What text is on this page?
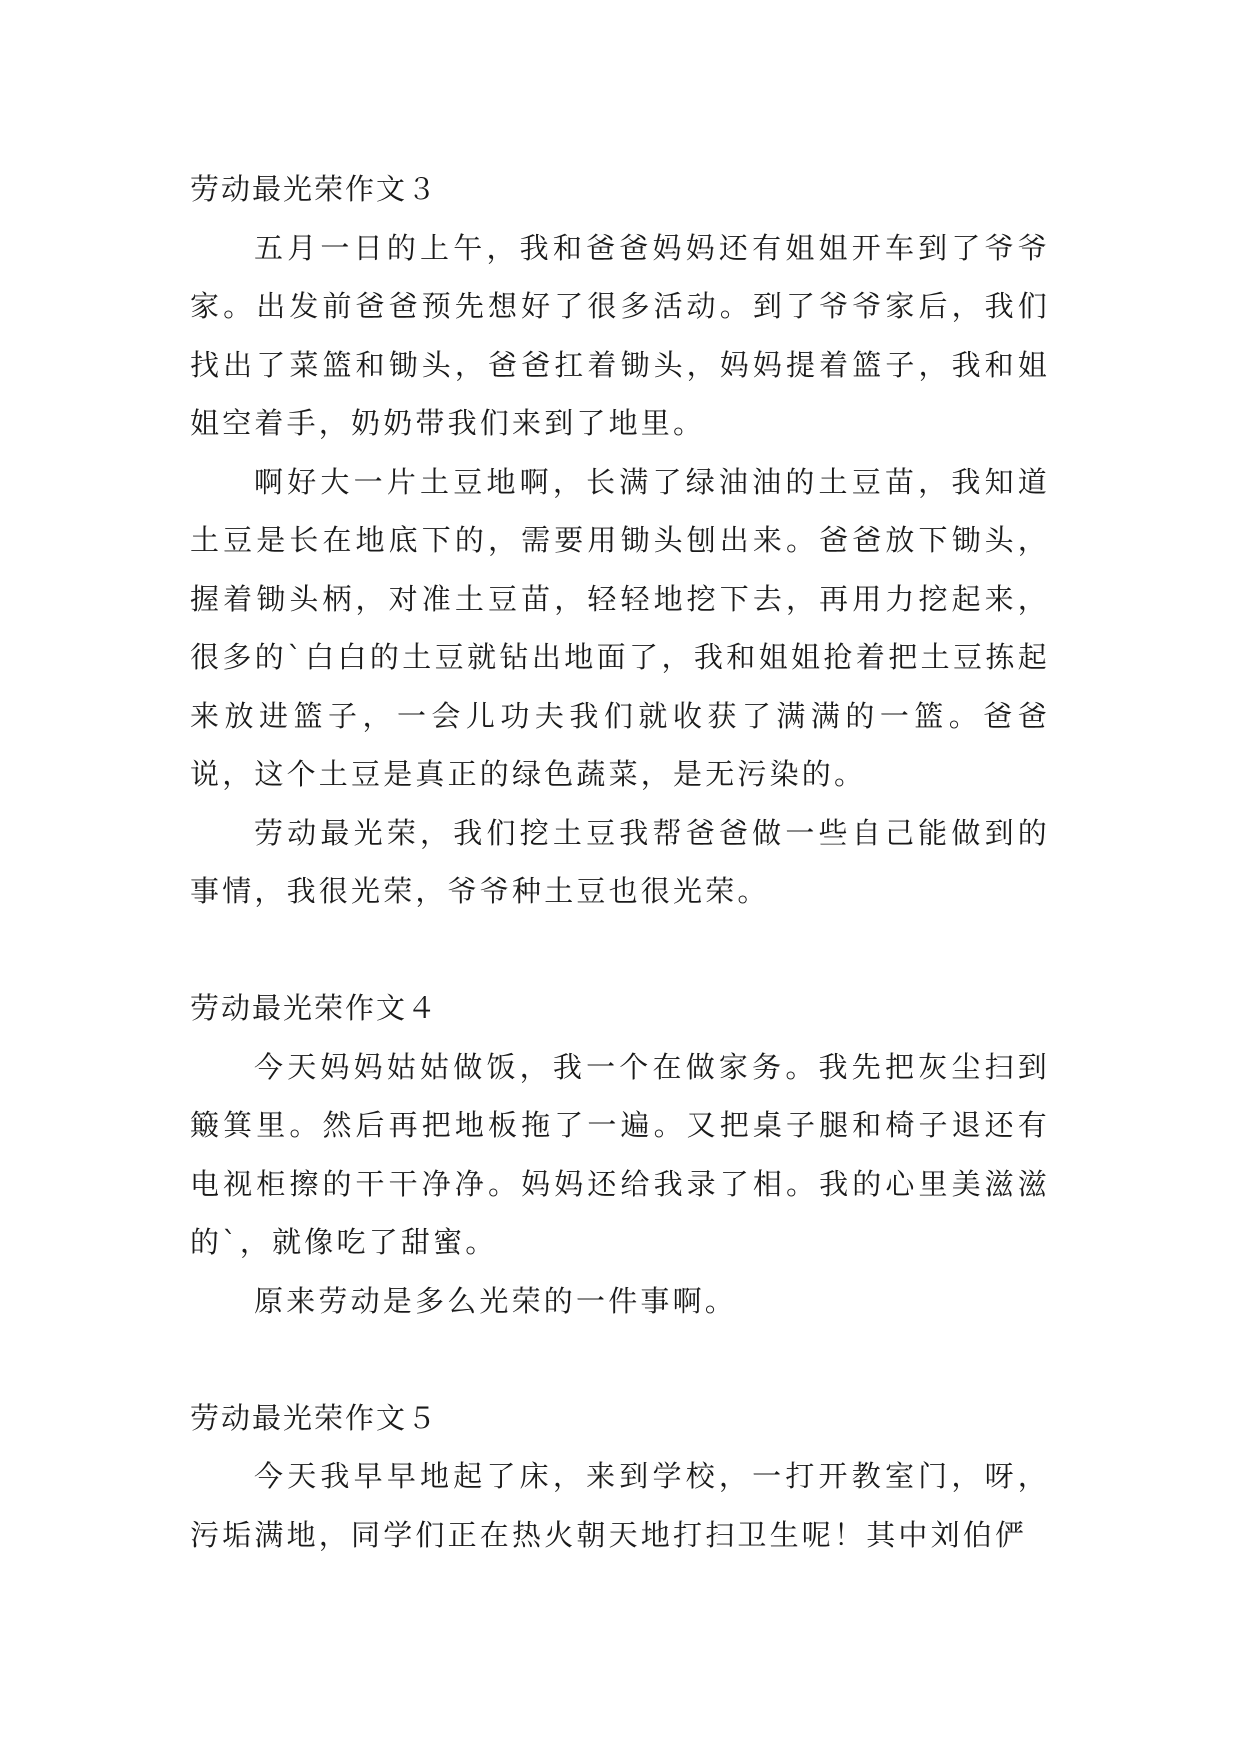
劳动最光荣作文３

五月一日的上午，我和爸爸妈妈还有姐姐开车到了爷爷家。出发前爸爸预先想好了很多活动。到了爷爷家后，我们找出了菜篮和锄头，爸爸扛着锄头，妈妈提着篮子，我和姐姐空着手，奶奶带我们来到了地里。

啊好大一片土豆地啊，长满了绿油油的土豆苗，我知道土豆是长在地底下的，需要用锄头刨出来。爸爸放下锄头，握着锄头柄，对准土豆苗，轻轻地挖下去，再用力挖起来，很多的`白白的土豆就钻出地面了，我和姐姐抢着把土豆拣起来放进篮子，一会儿功夫我们就收获了满满的一篮。爸爸说，这个土豆是真正的绿色蔬菜，是无污染的。

劳动最光荣，我们挖土豆我帮爸爸做一些自己能做到的事情，我很光荣，爷爷种土豆也很光荣。

劳动最光荣作文４

今天妈妈姑姑做饭，我一个在做家务。我先把灰尘扫到簸箕里。然后再把地板拖了一遍。又把桌子腿和椅子退还有电视柜擦的干干净净。妈妈还给我录了相。我的心里美滋滋的`，就像吃了甜蜜。

原来劳动是多么光荣的一件事啊。

劳动最光荣作文５

今天我早早地起了床，来到学校，一打开教室门，呀，污垢满地，同学们正在热火朝天地打扫卫生呢！其中刘伯俨
